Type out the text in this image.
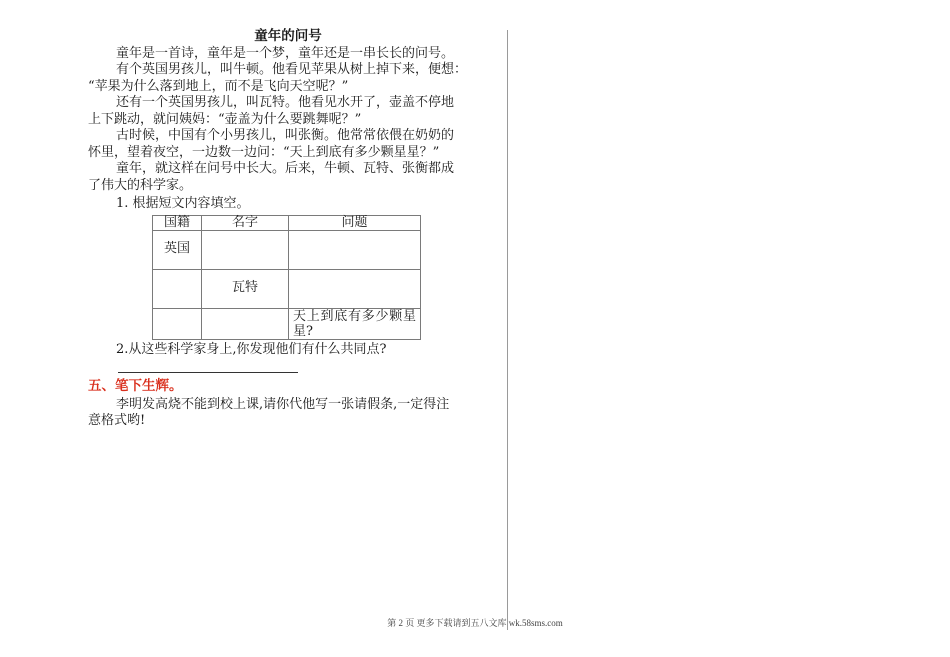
童年的问号

童年是一首诗，童年是一个梦，童年还是一串长长的问号。

有个英国男孩儿，叫牛顿。他看见苹果从树上掉下来，便想：

“苹果为什么落到地上，而不是飞向天空呢？”

还有一个英国男孩儿，叫瓦特。他看见水开了，壶盖不停地

上下跳动，就问姨妈：“壶盖为什么要跳舞呢？”

古时候，中国有个小男孩儿，叫张衡。他常常依偎在奶奶的

怀里，望着夜空，一边数一边问：“天上到底有多少颗星星？”

童年，就这样在问号中长大。后来，牛顿、瓦特、张衡都成

了伟大的科学家。

1. 根据短文内容填空。

国籍	名字	问题
英国		
	瓦特	
		天上到底有多少颗星星?

2.从这些科学家身上,你发现他们有什么共同点?

五、笔下生辉。

李明发高烧不能到校上课,请你代他写一张请假条,一定得注

意格式哟!

第 2 页 更多下载请到五八文库 wk.58sms.com
